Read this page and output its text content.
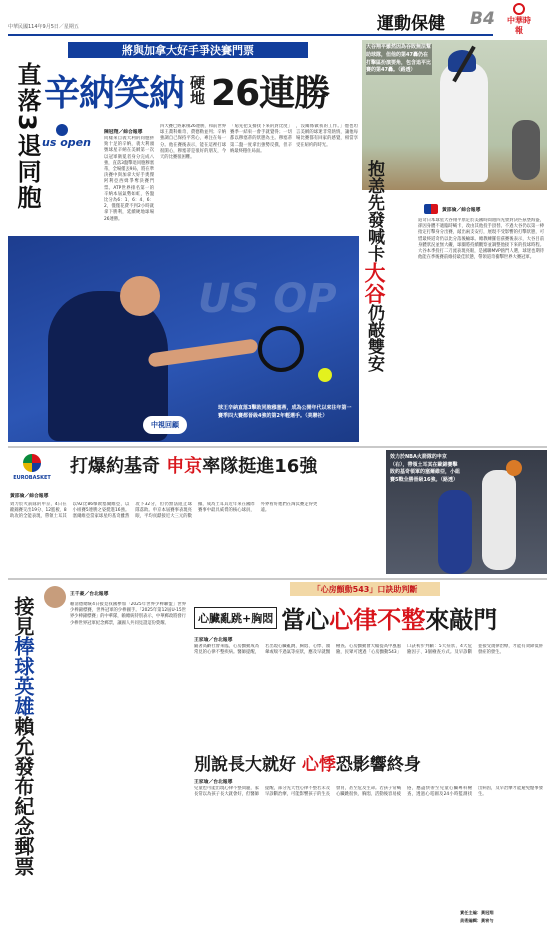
中華民國114年9月5日／星期五	運動保健 B4 中華時報
將與加拿大好手爭決賽門票
辛納笑納 硬地 26連勝
直落3退同胞 us open
陳冠翔／綜合報導

同樣來自義大利的同胞拼勁十足的辛納，義大利頭號球星辛納在美網第一次以冠軍衛冕者身分完成八強，直落3盤擊退同胞穆塞蒂，全場僅丟9局，將在準決賽中與加拿大好手奧傑阿利亞西姆爭奪決賽門票。ATP世界排名第一的辛納本屆氣勢如虹，各盤比分為6：1、6：4、6：2，僅僅花費不到2小時就拿下勝利，延續硬地球場26連勝。

四大賽已經累積26連勝，和前世界球王喬科維奇、費德勒並列；辛納強調自己保持平常心，專注在每一分。他在賽後表示，能在這裡打球很開心，穆塞蒂是很好的朋友，今天的比賽很困難。

「窮先把支撐找下來的對比度」賽季一結束一會手就覺得；一切都以穆塞蒂的狀態為主。穆塞蒂第二盤一度拿出強勢反撲，但辛納最終穩住局面。

，沒關係做我的工作。」他也坦言美網的球迷非常熱情，讓他每場比賽都有回家的感覺，相當享受在紐約的時光。

US OP
中視回顧
球王辛納直落3擊敗同胞穆塞蒂，成為公開年代以來往年第一賽季四大賽都晉級4強的第2年輕選手。（美聯社）
大谷翔平雖然因為吞敗無法幫助球隊，但他的第47轟仍在打擊區扮演要角，包含追平比賽的第47轟。（路透）
抱恙先發喊卡大谷仍敲雙安
黃邵倫／綜合報導

道奇日本球星大谷翔平原定於美國時間週四先發對決匹茲堡海盜，卻因身體不適臨時喊卡，改由其他投手頂替。不過大谷仍以第一棒指定打擊身分出賽，敲出兩支安打，展現不受影響的打擊狀態，可惜最終道奇仍以比分落後輸球。總教練羅伯茲賽後表示，大谷目前身體狀況並無大礙，球團將持續觀察並調整他接下來的投球時程。大谷本季投打二刀流表現亮眼，是國聯MVP熱門人選，球迷也期待他能在季後賽前維持最佳狀態，帶領道奇衝擊世界大賽冠軍。

EUROBASKET
打爆約基奇 申京率隊挺進16強
黃邵倫／綜合報導

效力於火箭隊的申京，4日在歐錦賽交出19分、12籃板、8助攻的全能表現，帶領土耳其以92比86擊敗塞爾維亞，以小組賽5連勝之姿挺進16強。塞爾維亞當家球星約基奇雖然攻下32分，但仍無法阻止球隊落敗。申京本屆賽事表現亮眼，平均貢獻接近大三元的數據，成為土耳其近年來在國際賽事中最具威脅的核心球員，外界看好他們在淘汰賽走得更遠。

效力於NBA火箭隊的申京（右），帶領土耳其在歐錦賽擊敗約基奇領軍的塞爾維亞，小組賽5戰全勝晉級16強。（路透）
王千豪／台北報導
接見棒球英雄賴允發布紀念郵票

賴清德總統4日接見我國參加「2025年世界少棒聯盟」世界少棒錦標賽，世界冠軍的少棒國手。「2025年第12屆U-15世界少棒錦標賽」的中華隊，賴總統特別表示，中華郵政將發行少棒世界冠軍紀念郵票，讓國人共同見證這份榮耀。

「心房顫動543」口訣助判斷
心臟亂跳+胸悶 當心 心律不整 來敲門
王家瑜／台北報導

隨著高齡社會來臨，心房顫動成為常見的心律不整疾病。醫師提醒，若出現心臟亂跳、胸悶、心悸、頭暈或喘不過氣等症狀，應及早就醫檢查。心房顫動會大幅提高中風風險，民眾可透過「心房顫動543」口訣初步判斷：5大症狀、4大危險因子、3個檢查方式。及早診斷並接受規律治療，才能有效降低併發症的發生。

別說長大就好 心悸恐影響終身
王家瑜／台北報導

兒童也可能出現心律不整問題，家長常以為孩子長大就會好，但醫師提醒，部分先天性心律不整若未及早診斷治療，可能影響孩子的生長發育，甚至危及生命。若孩子常喊心臟跳很快、胸悶、活動後容易疲倦，應盡快帶至兒童心臟專科檢查，透過心電圖及24小時監測找出病因，及早治療才能避免憾事發生。

責任主編：黃冠翔
美術編輯：黃宥勻
